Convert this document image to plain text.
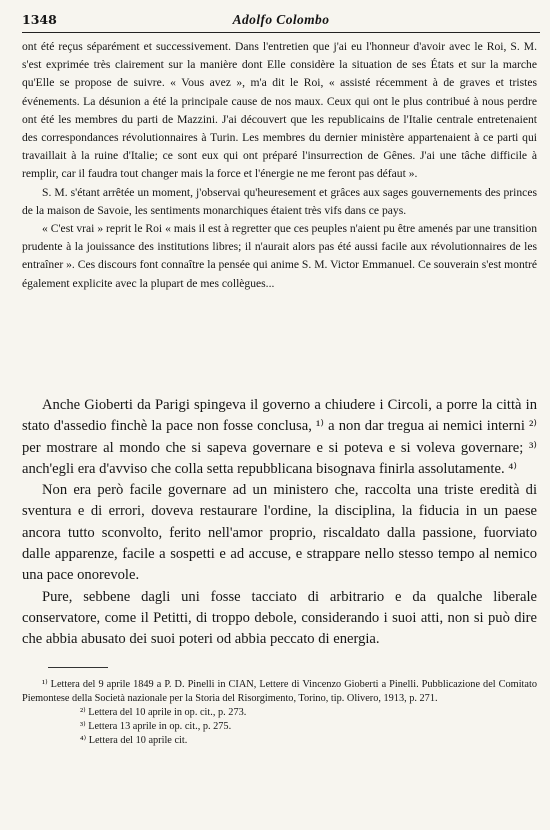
1348	Adolfo Colombo

ont été reçus séparément et successivement. Dans l'entretien que j'ai eu l'honneur d'avoir avec le Roi, S. M. s'est exprimée très clairement sur la manière dont Elle considère la situation de ses États et sur la marche qu'Elle se propose de suivre. « Vous avez », m'a dit le Roi, « assisté récemment à de graves et tristes événements. La désunion a été la principale cause de nos maux. Ceux qui ont le plus contribué à nous perdre ont été les membres du parti de Mazzini. J'ai découvert que les republicains de l'Italie centrale entretenaient des correspondances révolutionnaires à Turin. Les membres du dernier ministère appartenaient à ce parti qui travaillait à la ruine d'Italie; ce sont eux qui ont préparé l'insurrection de Gênes. J'ai une tâche difficile à remplir, car il faudra tout changer mais la force et l'énergie ne me feront pas défaut ».

S. M. s'étant arrêtée un moment, j'observai qu'heuresement et grâces aux sages gouvernements des princes de la maison de Savoie, les sentiments monarchiques étaient très vifs dans ce pays.

« C'est vrai » reprit le Roi « mais il est à regretter que ces peuples n'aient pu être amenés par une transition prudente à la jouissance des institutions libres; il n'aurait alors pas été aussi facile aux révolutionnaires de les entraîner ». Ces discours font connaître la pensée qui anime S. M. Victor Emmanuel. Ce souverain s'est montré également explicite avec la plupart de mes collègues...

Anche Gioberti da Parigi spingeva il governo a chiudere i Circoli, a porre la città in stato d'assedio finchè la pace non fosse conclusa, ¹⁾ a non dar tregua ai nemici interni ²⁾ per mostrare al mondo che si sapeva governare e si poteva e si voleva governare; ³⁾ anch'egli era d'avviso che colla setta repubblicana bisognava finirla assolutamente. ⁴⁾

Non era però facile governare ad un ministero che, raccolta una triste eredità di sventura e di errori, doveva restaurare l'ordine, la disciplina, la fiducia in un paese ancora tutto sconvolto, ferito nell'amor proprio, riscaldato dalla passione, fuorviato dalle apparenze, facile a sospetti e ad accuse, e strappare nello stesso tempo al nemico una pace onorevole.

Pure, sebbene dagli uni fosse tacciato di arbitrario e da qualche liberale conservatore, come il Petitti, di troppo debole, considerando i suoi atti, non si può dire che abbia abusato dei suoi poteri od abbia peccato di energia.

¹⁾ Lettera del 9 aprile 1849 a P. D. Pinelli in CIAN, Lettere di Vincenzo Gioberti a Pinelli. Pubblicazione del Comitato Piemontese della Società nazionale per la Storia del Risorgimento, Torino, tip. Olivero, 1913, p. 271.

²⁾ Lettera del 10 aprile in op. cit., p. 273.

³⁾ Lettera 13 aprile in op. cit., p. 275.

⁴⁾ Lettera del 10 aprile cit.
